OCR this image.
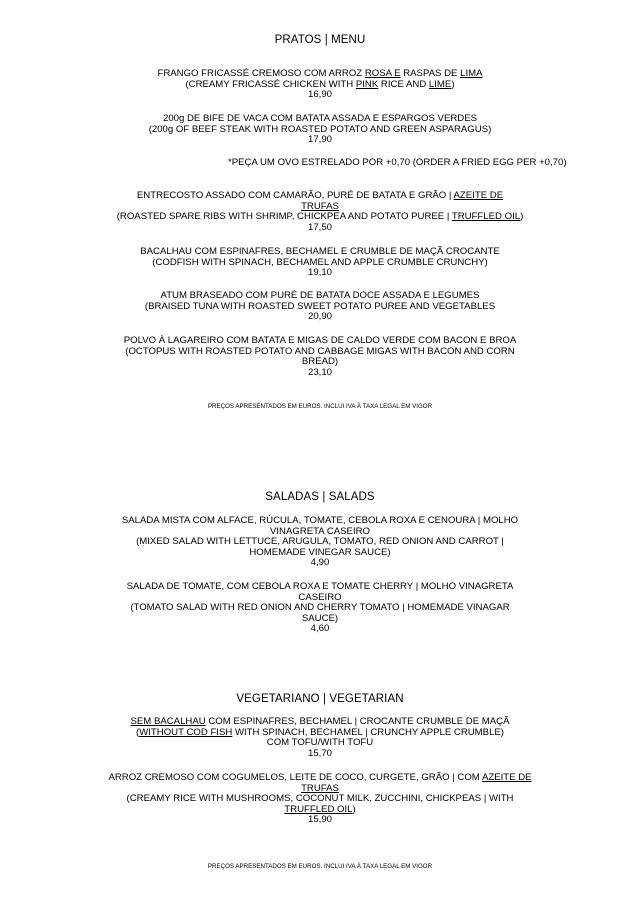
PRATOS | MENU
FRANGO FRICASSÉ CREMOSO COM ARROZ ROSA E RASPAS DE LIMA
(CREAMY FRICASSÉ CHICKEN WITH PINK RICE AND LIME)
16,90
200g DE BIFE DE VACA COM BATATA ASSADA E ESPARGOS VERDES
(200g OF BEEF STEAK WITH ROASTED POTATO AND GREEN ASPARAGUS)
17,90
*PEÇA UM OVO ESTRELADO POR +0,70 (ORDER A FRIED EGG PER +0,70)
ENTRECOSTO ASSADO COM CAMARÃO, PURÉ DE BATATA E GRÃO | AZEITE DE
TRUFAS
(ROASTED SPARE RIBS WITH SHRIMP, CHICKPEA AND POTATO PUREE | TRUFFLED OIL)
17,50
BACALHAU COM ESPINAFRES, BECHAMEL E CRUMBLE DE MAÇÃ CROCANTE
(CODFISH WITH SPINACH, BECHAMEL AND APPLE CRUMBLE CRUNCHY)
19,10
ATUM BRASEADO COM PURÉ DE BATATA DOCE ASSADA E LEGUMES
(BRAISED TUNA WITH ROASTED SWEET POTATO PUREE AND VEGETABLES
20,90
POLVO À LAGAREIRO COM BATATA E MIGAS DE CALDO VERDE COM BACON E BROA
(OCTOPUS WITH ROASTED POTATO AND CABBAGE MIGAS WITH BACON AND CORN
BREAD)
23,10
PREÇOS APRESENTADOS EM EUROS. INCLUI IVA À TAXA LEGAL EM VIGOR
SALADAS | SALADS
SALADA MISTA COM ALFACE, RÚCULA, TOMATE, CEBOLA ROXA E CENOURA | MOLHO
VINAGRETA CASEIRO
(MIXED SALAD WITH LETTUCE, ARUGULA, TOMATO, RED ONION AND CARROT |
HOMEMADE VINEGAR SAUCE)
4,90
SALADA DE TOMATE, COM CEBOLA ROXA E TOMATE CHERRY | MOLHO VINAGRETA
CASEIRO
(TOMATO SALAD WITH RED ONION AND CHERRY TOMATO | HOMEMADE VINAGAR
SAUCE)
4,60
VEGETARIANO | VEGETARIAN
SEM BACALHAU COM ESPINAFRES, BECHAMEL | CROCANTE CRUMBLE DE MAÇÃ
(WITHOUT COD FISH WITH SPINACH, BECHAMEL | CRUNCHY APPLE CRUMBLE)
COM TOFU/WITH TOFU
15,70
ARROZ CREMOSO COM COGUMELOS, LEITE DE COCO, CURGETE, GRÃO | COM AZEITE DE
TRUFAS
(CREAMY RICE WITH MUSHROOMS, COCONUT MILK, ZUCCHINI, CHICKPEAS | WITH
TRUFFLED OIL)
15,90
PREÇOS APRESENTADOS EM EUROS. INCLUI IVA À TAXA LEGAL EM VIGOR
